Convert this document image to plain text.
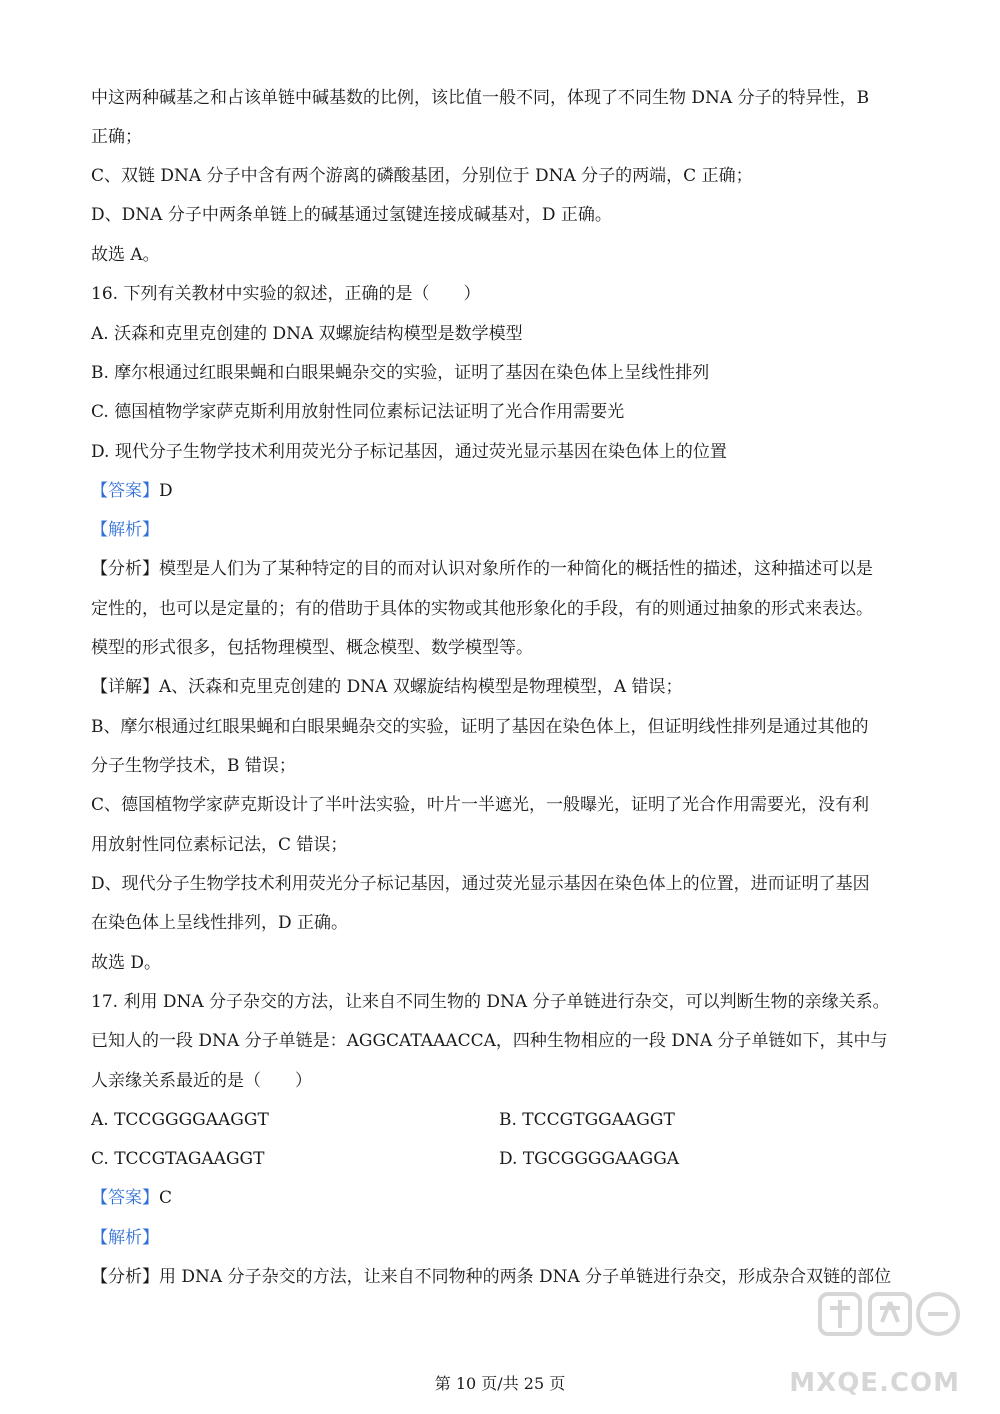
中这两种碱基之和占该单链中碱基数的比例，该比值一般不同，体现了不同生物 DNA 分子的特异性，B
正确；
C、双链 DNA 分子中含有两个游离的磷酸基团，分别位于 DNA 分子的两端，C 正确；
D、DNA 分子中两条单链上的碱基通过氢键连接成碱基对，D 正确。
故选 A。
16. 下列有关教材中实验的叙述，正确的是（　　）
A. 沃森和克里克创建的 DNA 双螺旋结构模型是数学模型
B. 摩尔根通过红眼果蝇和白眼果蝇杂交的实验，证明了基因在染色体上呈线性排列
C. 德国植物学家萨克斯利用放射性同位素标记法证明了光合作用需要光
D. 现代分子生物学技术利用荧光分子标记基因，通过荧光显示基因在染色体上的位置
【答案】D
【解析】
【分析】模型是人们为了某种特定的目的而对认识对象所作的一种简化的概括性的描述，这种描述可以是
定性的，也可以是定量的；有的借助于具体的实物或其他形象化的手段，有的则通过抽象的形式来表达。
模型的形式很多，包括物理模型、概念模型、数学模型等。
【详解】A、沃森和克里克创建的 DNA 双螺旋结构模型是物理模型，A 错误；
B、摩尔根通过红眼果蝇和白眼果蝇杂交的实验，证明了基因在染色体上，但证明线性排列是通过其他的
分子生物学技术，B 错误；
C、德国植物学家萨克斯设计了半叶法实验，叶片一半遮光，一般曝光，证明了光合作用需要光，没有利
用放射性同位素标记法，C 错误；
D、现代分子生物学技术利用荧光分子标记基因，通过荧光显示基因在染色体上的位置，进而证明了基因
在染色体上呈线性排列，D 正确。
故选 D。
17. 利用 DNA 分子杂交的方法，让来自不同生物的 DNA 分子单链进行杂交，可以判断生物的亲缘关系。
已知人的一段 DNA 分子单链是：AGGCATAAACCA，四种生物相应的一段 DNA 分子单链如下，其中与
人亲缘关系最近的是（　　）
A. TCCGGGGAAGGT	B. TCCGTGGAAGGT
C. TCCGTAGAAGGT	D. TGCGGGGAAGGA
【答案】C
【解析】
【分析】用 DNA 分子杂交的方法，让来自不同物种的两条 DNA 分子单链进行杂交，形成杂合双链的部位
第 10 页/共 25 页	MXQE.COM
